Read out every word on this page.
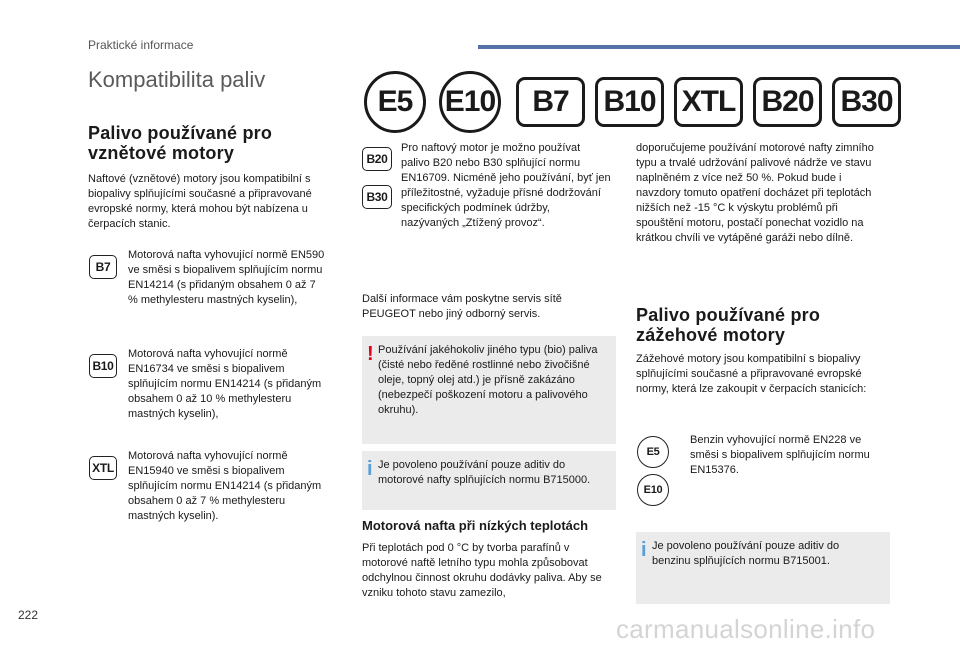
Praktické informace
Kompatibilita paliv
E5	E10	B7	B10 XTL B20 B30
Palivo používané pro
vznětové motory
Naftové (vznětové) motory jsou kompatibilní s biopalivy splňujícími současné a připravované evropské normy, která mohou být nabízena u čerpacích stanic.
B7
Motorová nafta vyhovující normě EN590 ve směsi s biopalivem splňujícím normu EN14214 (s přidaným obsahem 0 až 7 % methylesteru mastných kyselin),
B10
Motorová nafta vyhovující normě EN16734 ve směsi s biopalivem splňujícím normu EN14214 (s přidaným obsahem 0 až 10 % methylesteru mastných kyselin),
XTL
Motorová nafta vyhovující normě EN15940 ve směsi s biopalivem splňujícím normu EN14214 (s přidaným obsahem 0 až 7 % methylesteru mastných kyselin).
B20
B30
Pro naftový motor je možno používat palivo B20 nebo B30 splňující normu EN16709. Nicméně jeho používání, byť jen příležitostné, vyžaduje přísné dodržování specifických podmínek údržby, nazývaných „Ztížený provoz“.
Další informace vám poskytne servis sítě PEUGEOT nebo jiný odborný servis.
! Používání jakéhokoliv jiného typu (bio) paliva (čisté nebo ředěné rostlinné nebo živočišné oleje, topný olej atd.) je přísně zakázáno (nebezpečí poškození motoru a palivového okruhu).
i Je povoleno používání pouze aditiv do motorové nafty splňujících normu B715000.
Motorová nafta při nízkých teplotách
Při teplotách pod 0 °C by tvorba parafínů v motorové naftě letního typu mohla způsobovat odchylnou činnost okruhu dodávky paliva. Aby se vzniku tohoto stavu zamezilo,
doporučujeme používání motorové nafty zimního typu a trvalé udržování palivové nádrže ve stavu naplněném z více než 50 %. Pokud bude i navzdory tomuto opatření docházet při teplotách nižších než -15 °C k výskytu problémů při spouštění motoru, postačí ponechat vozidlo na krátkou chvíli ve vytápěné garáži nebo dílně.
Palivo používané pro
zážehové motory
Zážehové motory jsou kompatibilní s biopalivy splňujícími současné a připravované evropské normy, která lze zakoupit v čerpacích stanicích:
E5
E10
Benzin vyhovující normě EN228 ve směsi s biopalivem splňujícím normu EN15376.
i Je povoleno používání pouze aditiv do benzinu splňujících normu B715001.
222	carmanualsonline.info
